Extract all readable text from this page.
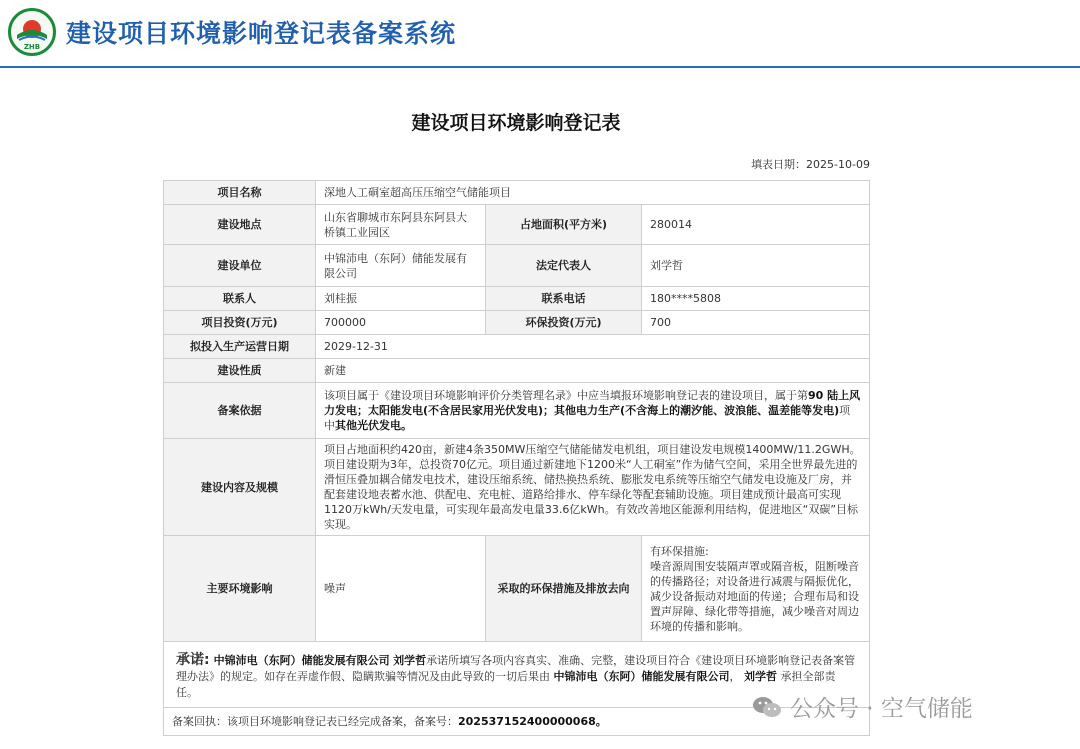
ZHB 建设项目环境影响登记表备案系统
建设项目环境影响登记表
填表日期：2025-10-09
项目名称	深地人工硐室超高压压缩空气储能项目		
建设地点	山东省聊城市东阿县东阿县大桥镇工业园区	占地面积(平方米)	280014
建设单位	中锦沛电（东阿）储能发展有限公司	法定代表人	刘学哲
联系人	刘桂振	联系电话	180****5808
项目投资(万元)	700000	环保投资(万元)	700
拟投入生产运营日期	2029-12-31		
建设性质	新建		
备案依据	该项目属于《建设项目环境影响评价分类管理名录》中应当填报环境影响登记表的建设项目，属于第90 陆上风力发电；太阳能发电(不含居民家用光伏发电)；其他电力生产(不含海上的潮汐能、波浪能、温差能等发电)项中其他光伏发电。		
建设内容及规模	项目占地面积约420亩，新建4条350MW压缩空气储能储发电机组，项目建设发电规模1400MW/11.2GWH。项目建设期为3年，总投资70亿元。项目通过新建地下1200米“人工硐室”作为储气空间，采用全世界最先进的滑恒压叠加耦合储发电技术，建设压缩系统、储热换热系统、膨胀发电系统等压缩空气储发电设施及厂房，并配套建设地表蓄水池、供配电、充电桩、道路给排水、停车绿化等配套辅助设施。项目建成预计最高可实现1120万kWh/天发电量，可实现年最高发电量33.6亿kWh。有效改善地区能源利用结构，促进地区“双碳”目标实现。		
主要环境影响	噪声	采取的环保措施及排放去向	有环保措施:
噪音源周围安装隔声罩或隔音板，阻断噪音的传播路径；对设备进行减震与隔振优化，减少设备振动对地面的传递；合理布局和设置声屏障、绿化带等措施，减少噪音对周边环境的传播和影响。
承诺: 中锦沛电（东阿）储能发展有限公司 刘学哲承诺所填写各项内容真实、准确、完整，建设项目符合《建设项目环境影响登记表备案管理办法》的规定。如存在弄虚作假、隐瞒欺骗等情况及由此导致的一切后果由 中锦沛电（东阿）储能发展有限公司， 刘学哲 承担全部责任。			
备案回执：该项目环境影响登记表已经完成备案，备案号：202537152400000068。				公众号 · 空气储能
